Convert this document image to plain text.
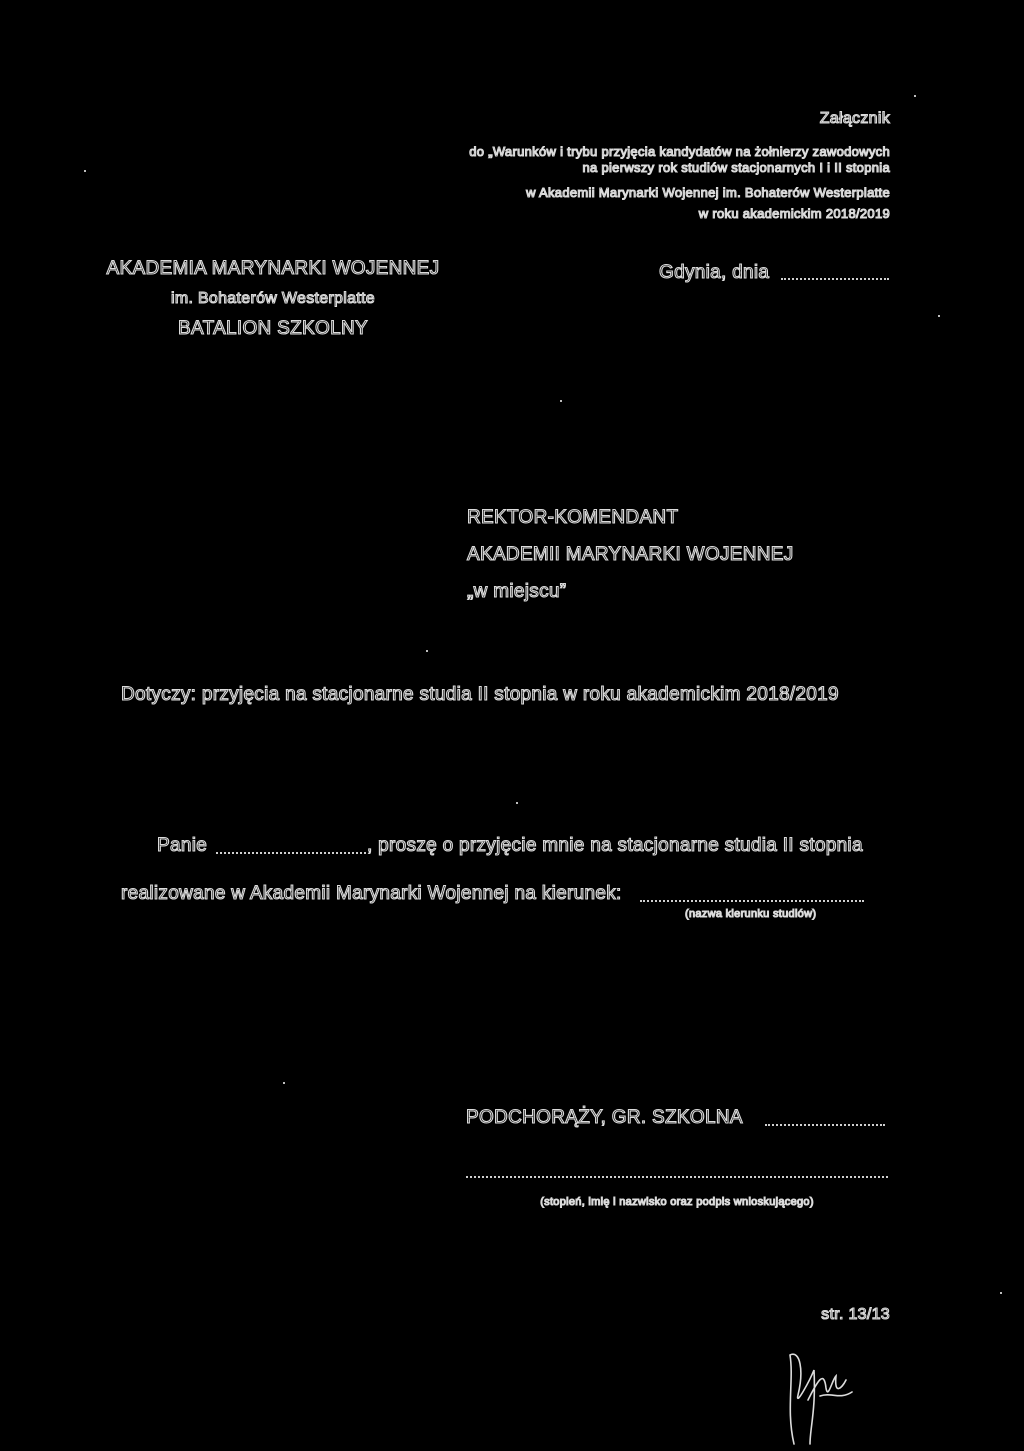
Załącznik
do „Warunków i trybu przyjęcia kandydatów na żołnierzy zawodowych
na pierwszy rok studiów stacjonarnych I i II stopnia
w Akademii Marynarki Wojennej im. Bohaterów Westerplatte
w roku akademickim 2018/2019
AKADEMIA MARYNARKI WOJENNEJ
im. Bohaterów Westerplatte
BATALION SZKOLNY
Gdynia, dnia
REKTOR-KOMENDANT
AKADEMII MARYNARKI WOJENNEJ
„w miejscu”
Dotyczy: przyjęcia na stacjonarne studia II stopnia w roku akademickim 2018/2019
Panie	, proszę o przyjęcie mnie na stacjonarne studia II stopnia
realizowane w Akademii Marynarki Wojennej na kierunek:
(nazwa kierunku studiów)
PODCHORĄŻY, GR. SZKOLNA
(stopień, imię i nazwisko oraz podpis wnioskującego)
str. 13/13
